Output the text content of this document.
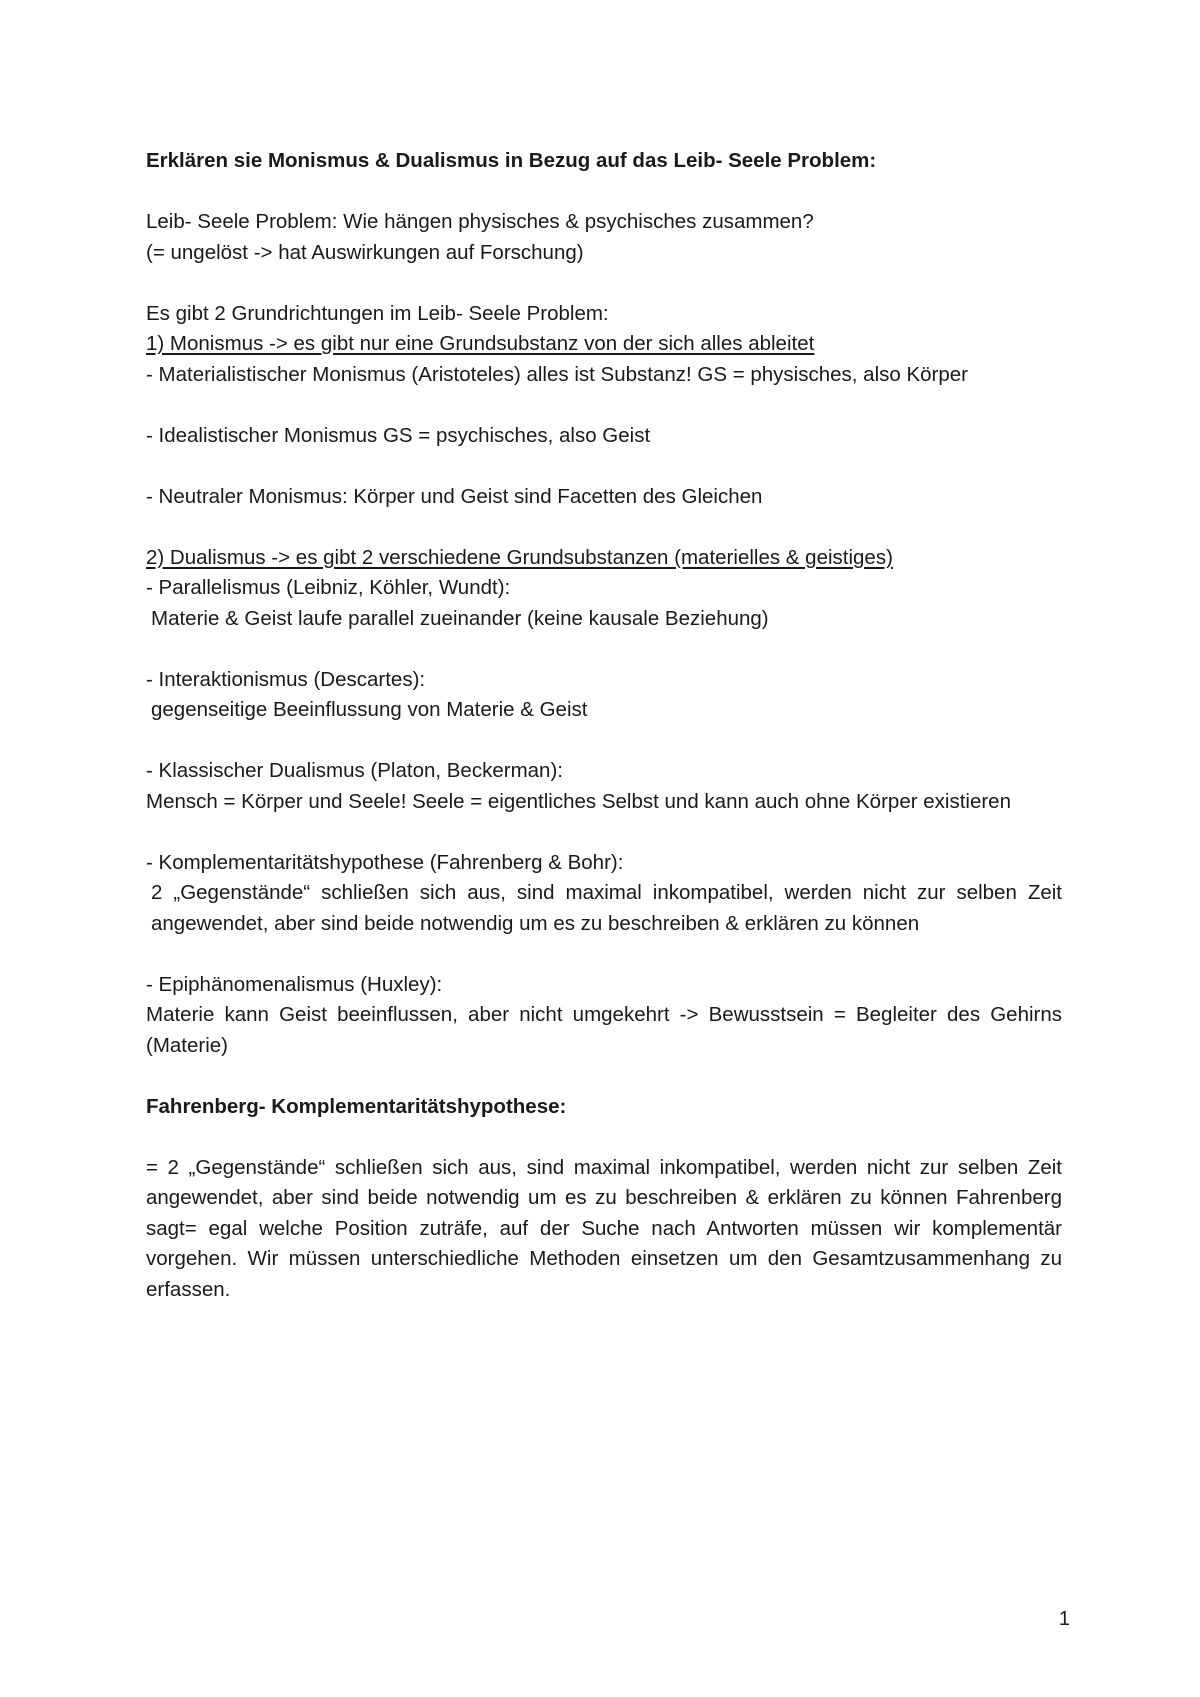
Erklären sie Monismus & Dualismus in Bezug auf das Leib- Seele Problem:

Leib- Seele Problem: Wie hängen physisches & psychisches zusammen?

(= ungelöst -> hat Auswirkungen auf Forschung)

Es gibt 2 Grundrichtungen im Leib- Seele Problem:

1) Monismus -> es gibt nur eine Grundsubstanz von der sich alles ableitet

- Materialistischer Monismus (Aristoteles) alles ist Substanz! GS = physisches, also Körper

- Idealistischer Monismus GS = psychisches, also Geist

- Neutraler Monismus: Körper und Geist sind Facetten des Gleichen

2) Dualismus -> es gibt 2 verschiedene Grundsubstanzen (materielles & geistiges)

- Parallelismus (Leibniz, Köhler, Wundt):

Materie & Geist laufe parallel zueinander (keine kausale Beziehung)

- Interaktionismus (Descartes):

gegenseitige Beeinflussung von Materie & Geist

- Klassischer Dualismus (Platon, Beckerman):

Mensch = Körper und Seele! Seele = eigentliches Selbst und kann auch ohne Körper existieren

- Komplementaritätshypothese (Fahrenberg & Bohr):

2 „Gegenstände“ schließen sich aus, sind maximal inkompatibel, werden nicht zur selben Zeit angewendet, aber sind beide notwendig um es zu beschreiben & erklären zu können

- Epiphänomenalismus (Huxley):

Materie kann Geist beeinflussen, aber nicht umgekehrt -> Bewusstsein = Begleiter des Gehirns (Materie)

Fahrenberg- Komplementaritätshypothese:

= 2 „Gegenstände“ schließen sich aus, sind maximal inkompatibel, werden nicht zur selben Zeit angewendet, aber sind beide notwendig um es zu beschreiben & erklären zu können Fahrenberg sagt= egal welche Position zuträfe, auf der Suche nach Antworten müssen wir komplementär vorgehen. Wir müssen unterschiedliche Methoden einsetzen um den Gesamtzusammenhang zu erfassen.

1
